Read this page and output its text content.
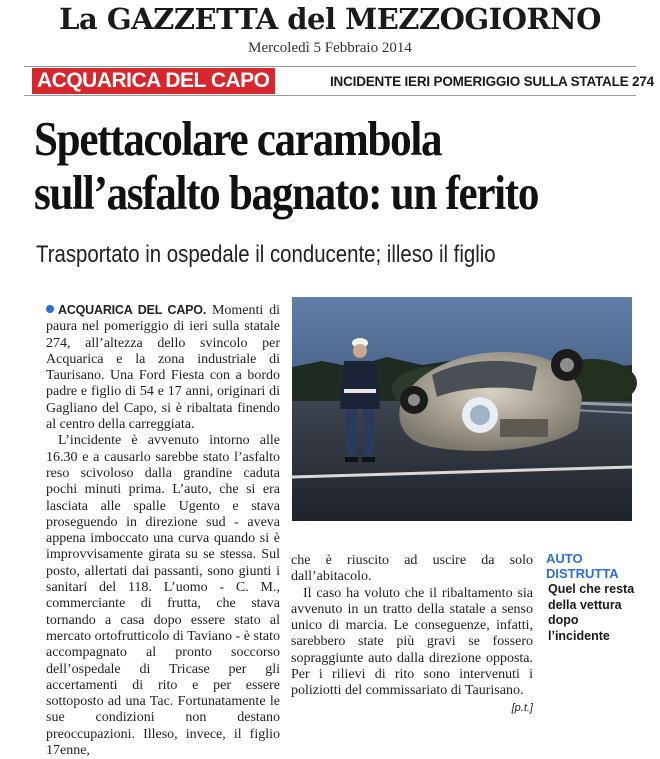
La GAZZETTA del MEZZOGIORNO
Mercoledì 5 Febbraio 2014
ACQUARICA DEL CAPO	INCIDENTE IERI POMERIGGIO SULLA STATALE 274
Spettacolare carambola
sull’asfalto bagnato: un ferito
Trasportato in ospedale il conducente; illeso il figlio

ACQUARICA DEL CAPO. Momenti di paura nel pomeriggio di ieri sulla statale 274, all’altezza dello svincolo per Acquarica e la zona industriale di Taurisano. Una Ford Fiesta con a bordo padre e figlio di 54 e 17 anni, originari di Gagliano del Capo, si è ribaltata finendo al centro della carreggiata.

L’incidente è avvenuto intorno alle 16.30 e a causarlo sarebbe stato l’asfalto reso scivoloso dalla grandine caduta pochi minuti prima. L’auto, che si era lasciata alle spalle Ugento e stava proseguendo in direzione sud - aveva appena imboccato una curva quando si è improvvisamente girata su se stessa. Sul posto, allertati dai passanti, sono giunti i sanitari del 118. L’uomo - C. M., commerciante di frutta, che stava tornando a casa dopo essere stato al mercato ortofrutticolo di Taviano - è stato accompagnato al pronto soccorso dell’ospedale di Tricase per gli accertamenti di rito e per essere sottoposto ad una Tac. Fortunatamente le sue condizioni non destano preoccupazioni. Illeso, invece, il figlio 17enne,

che è riuscito ad uscire da solo dall’abitacolo.

Il caso ha voluto che il ribaltamento sia avvenuto in un tratto della statale a senso unico di marcia. Le conseguenze, infatti, sarebbero state più gravi se fossero sopraggiunte auto dalla direzione opposta. Per i rilievi di rito sono intervenuti i poliziotti del commissariato di Taurisano.
[p.t.]

AUTO DISTRUTTA
Quel che resta della vettura dopo l’incidente
